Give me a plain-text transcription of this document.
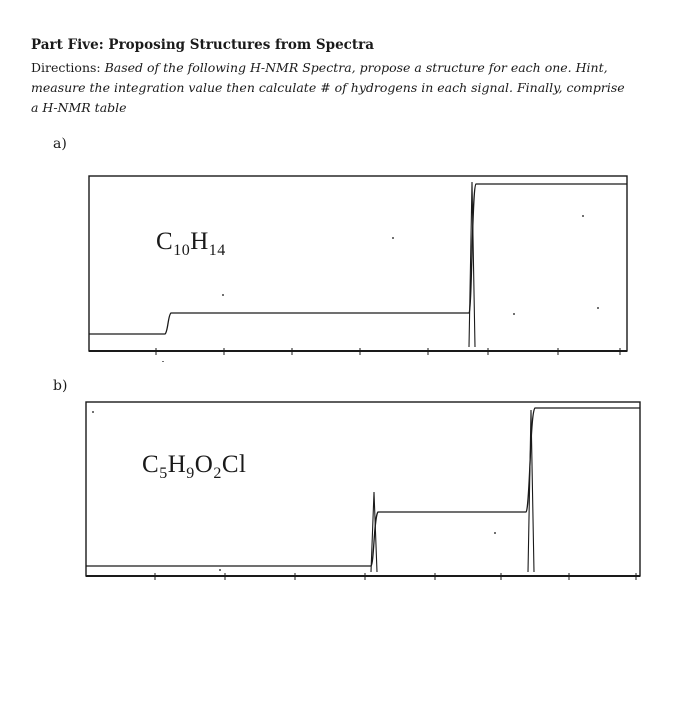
Part Five: Proposing Structures from Spectra
Directions: Based of the following H-NMR Spectra, propose a structure for each one. Hint, measure the integration value then calculate # of hydrogens in each signal. Finally, comprise a H-NMR table
a)
$C_{10}H_{14}$
b)
$C_5H_9O_2Cl$
